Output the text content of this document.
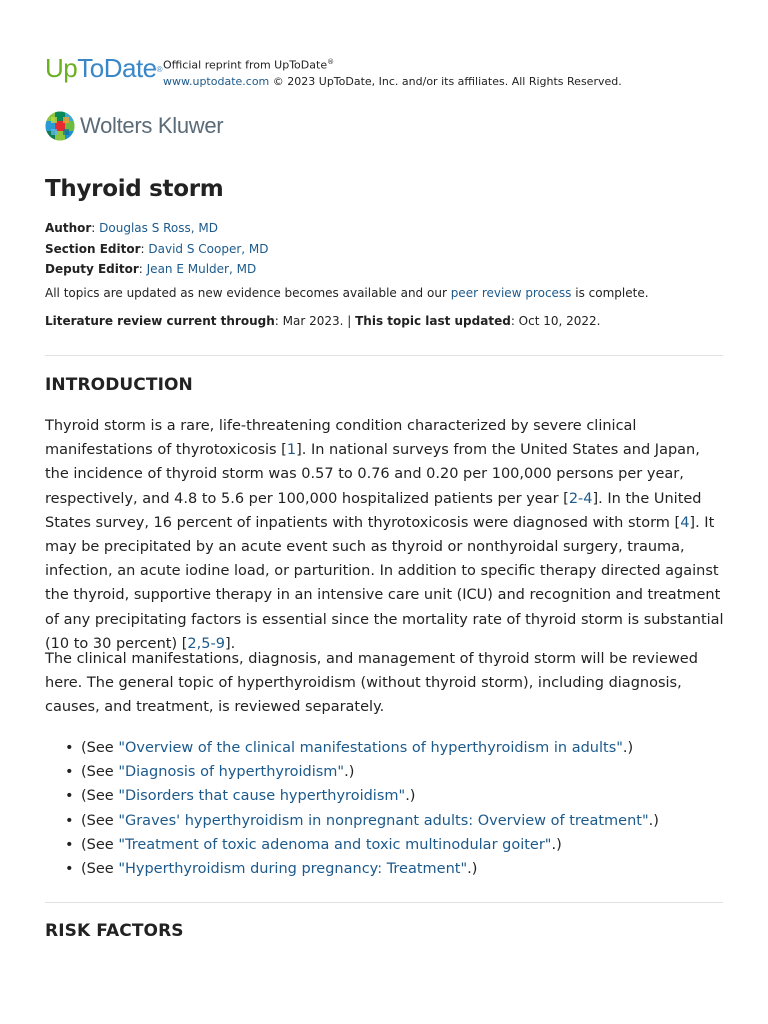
UpToDate® Official reprint from UpToDate®
www.uptodate.com © 2023 UpToDate, Inc. and/or its affiliates. All Rights Reserved.
Wolters Kluwer
Thyroid storm
Author: Douglas S Ross, MD
Section Editor: David S Cooper, MD
Deputy Editor: Jean E Mulder, MD
All topics are updated as new evidence becomes available and our peer review process is complete.
Literature review current through: Mar 2023. | This topic last updated: Oct 10, 2022.
INTRODUCTION

Thyroid storm is a rare, life-threatening condition characterized by severe clinical manifestations of thyrotoxicosis [1]. In national surveys from the United States and Japan, the incidence of thyroid storm was 0.57 to 0.76 and 0.20 per 100,000 persons per year, respectively, and 4.8 to 5.6 per 100,000 hospitalized patients per year [2-4]. In the United States survey, 16 percent of inpatients with thyrotoxicosis were diagnosed with storm [4]. It may be precipitated by an acute event such as thyroid or nonthyroidal surgery, trauma, infection, an acute iodine load, or parturition. In addition to specific therapy directed against the thyroid, supportive therapy in an intensive care unit (ICU) and recognition and treatment of any precipitating factors is essential since the mortality rate of thyroid storm is substantial (10 to 30 percent) [2,5-9].

The clinical manifestations, diagnosis, and management of thyroid storm will be reviewed here. The general topic of hyperthyroidism (without thyroid storm), including diagnosis, causes, and treatment, is reviewed separately.

• (See "Overview of the clinical manifestations of hyperthyroidism in adults".)
• (See "Diagnosis of hyperthyroidism".)
• (See "Disorders that cause hyperthyroidism".)
• (See "Graves' hyperthyroidism in nonpregnant adults: Overview of treatment".)
• (See "Treatment of toxic adenoma and toxic multinodular goiter".)
• (See "Hyperthyroidism during pregnancy: Treatment".)
RISK FACTORS
